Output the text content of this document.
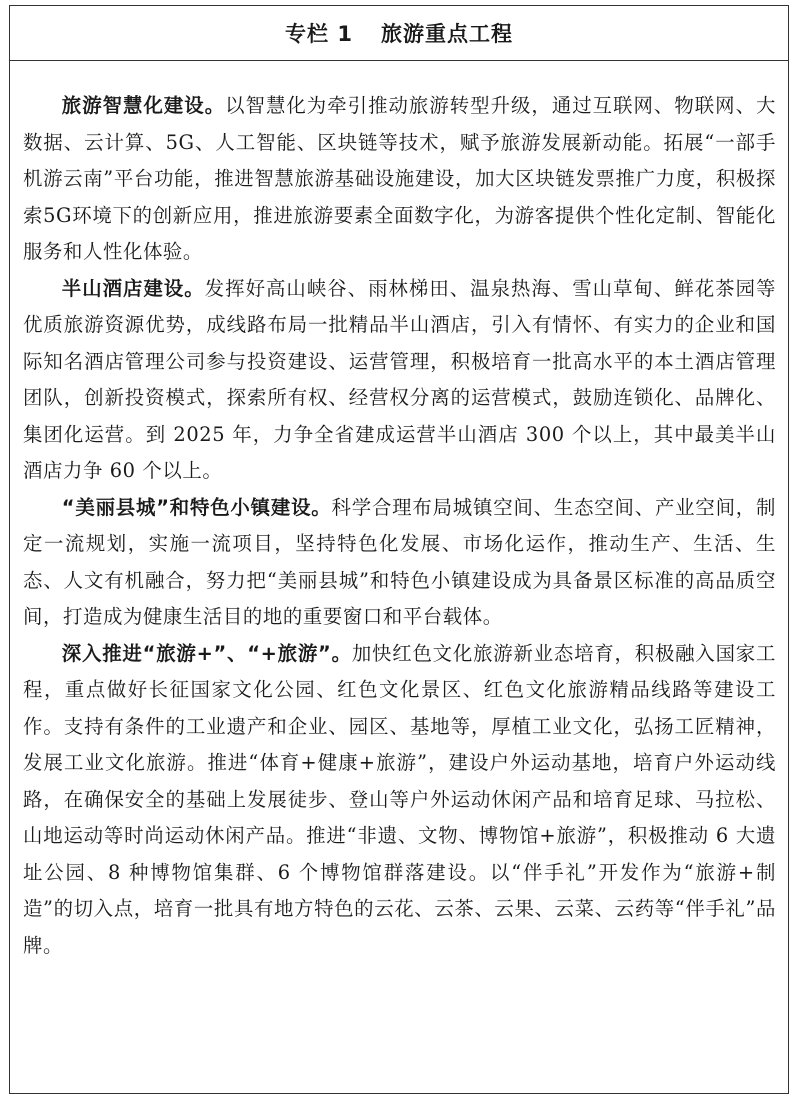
专栏 1 旅游重点工程

旅游智慧化建设。以智慧化为牵引推动旅游转型升级，通过互联网、物联网、大数据、云计算、5G、人工智能、区块链等技术，赋予旅游发展新动能。拓展“一部手机游云南”平台功能，推进智慧旅游基础设施建设，加大区块链发票推广力度，积极探索5G环境下的创新应用，推进旅游要素全面数字化，为游客提供个性化定制、智能化服务和人性化体验。

半山酒店建设。发挥好高山峡谷、雨林梯田、温泉热海、雪山草甸、鲜花茶园等优质旅游资源优势，成线路布局一批精品半山酒店，引入有情怀、有实力的企业和国际知名酒店管理公司参与投资建设、运营管理，积极培育一批高水平的本土酒店管理团队，创新投资模式，探索所有权、经营权分离的运营模式，鼓励连锁化、品牌化、集团化运营。到 2025 年，力争全省建成运营半山酒店 300 个以上，其中最美半山酒店力争 60 个以上。

“美丽县城”和特色小镇建设。科学合理布局城镇空间、生态空间、产业空间，制定一流规划，实施一流项目，坚持特色化发展、市场化运作，推动生产、生活、生态、人文有机融合，努力把“美丽县城”和特色小镇建设成为具备景区标准的高品质空间，打造成为健康生活目的地的重要窗口和平台载体。

深入推进“旅游+”、“+旅游”。加快红色文化旅游新业态培育，积极融入国家工程，重点做好长征国家文化公园、红色文化景区、红色文化旅游精品线路等建设工作。支持有条件的工业遗产和企业、园区、基地等，厚植工业文化，弘扬工匠精神，发展工业文化旅游。推进“体育+健康+旅游”，建设户外运动基地，培育户外运动线路，在确保安全的基础上发展徒步、登山等户外运动休闲产品和培育足球、马拉松、山地运动等时尚运动休闲产品。推进“非遗、文物、博物馆+旅游”，积极推动 6 大遗址公园、8 种博物馆集群、6 个博物馆群落建设。以“伴手礼”开发作为“旅游+制造”的切入点，培育一批具有地方特色的云花、云茶、云果、云菜、云药等“伴手礼”品牌。
